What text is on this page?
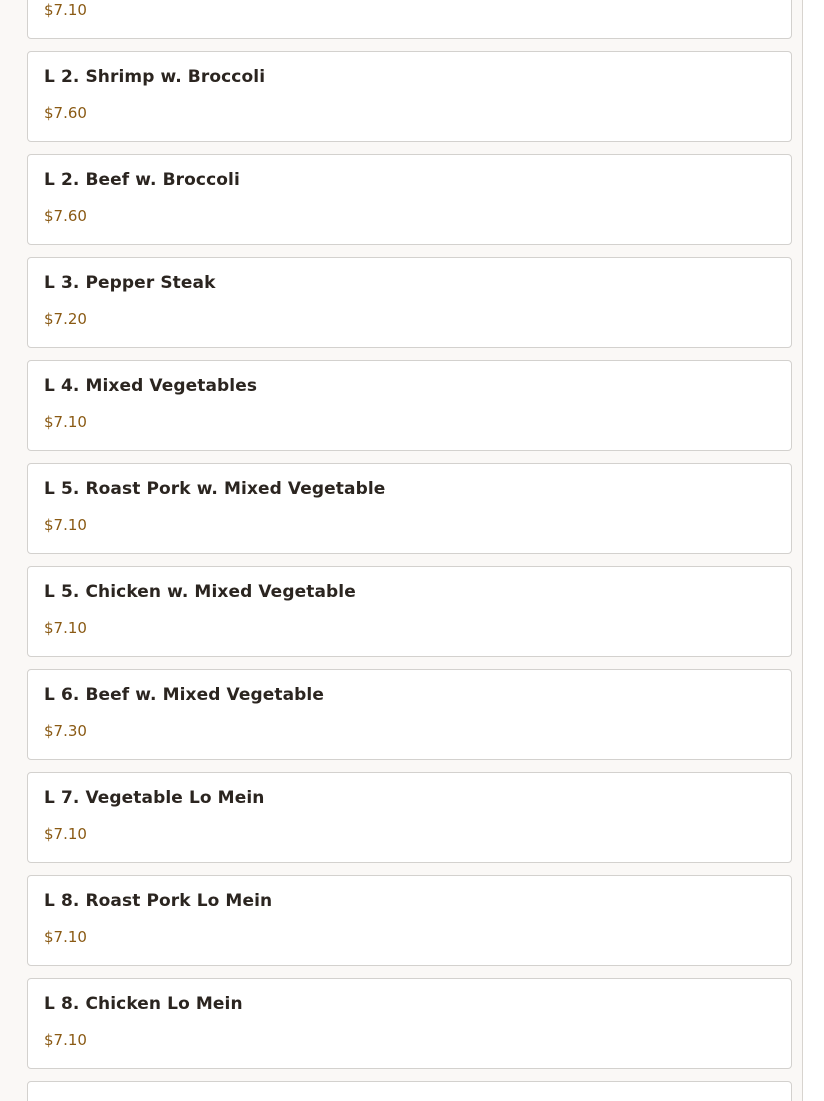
$7.10
L 2. Shrimp w. Broccoli
$7.60
L 2. Beef w. Broccoli
$7.60
L 3. Pepper Steak
$7.20
L 4. Mixed Vegetables
$7.10
L 5. Roast Pork w. Mixed Vegetable
$7.10
L 5. Chicken w. Mixed Vegetable
$7.10
L 6. Beef w. Mixed Vegetable
$7.30
L 7. Vegetable Lo Mein
$7.10
L 8. Roast Pork Lo Mein
$7.10
L 8. Chicken Lo Mein
$7.10
